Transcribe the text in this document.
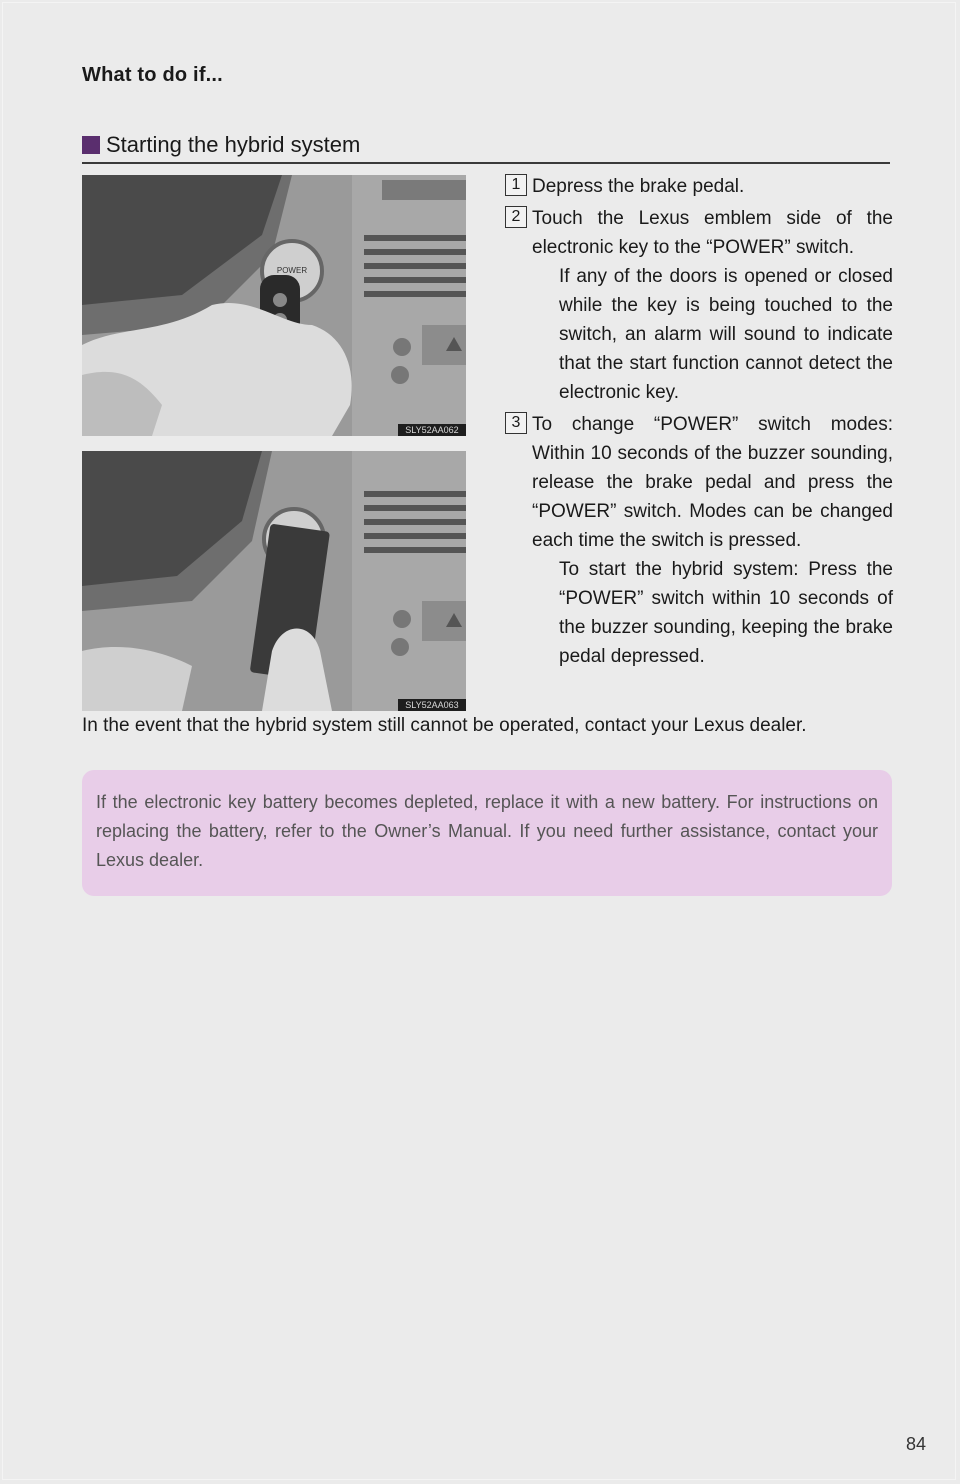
What to do if...
Starting the hybrid system
POWER
SLY52AA062
SLY52AA063
1 Depress the brake pedal.
2 Touch the Lexus emblem side of the electronic key to the “POWER” switch.
If any of the doors is opened or closed while the key is being touched to the switch, an alarm will sound to indicate that the start function cannot detect the electronic key.
3 To change “POWER” switch modes: Within 10 seconds of the buzzer sounding, release the brake pedal and press the “POWER” switch. Modes can be changed each time the switch is pressed.
To start the hybrid system: Press the “POWER” switch within 10 seconds of the buzzer sounding, keeping the brake pedal depressed.
In the event that the hybrid system still cannot be operated, contact your Lexus dealer.
If the electronic key battery becomes depleted, replace it with a new battery. For instructions on replacing the battery, refer to the Owner’s Manual. If you need further assistance, contact your Lexus dealer.
84
